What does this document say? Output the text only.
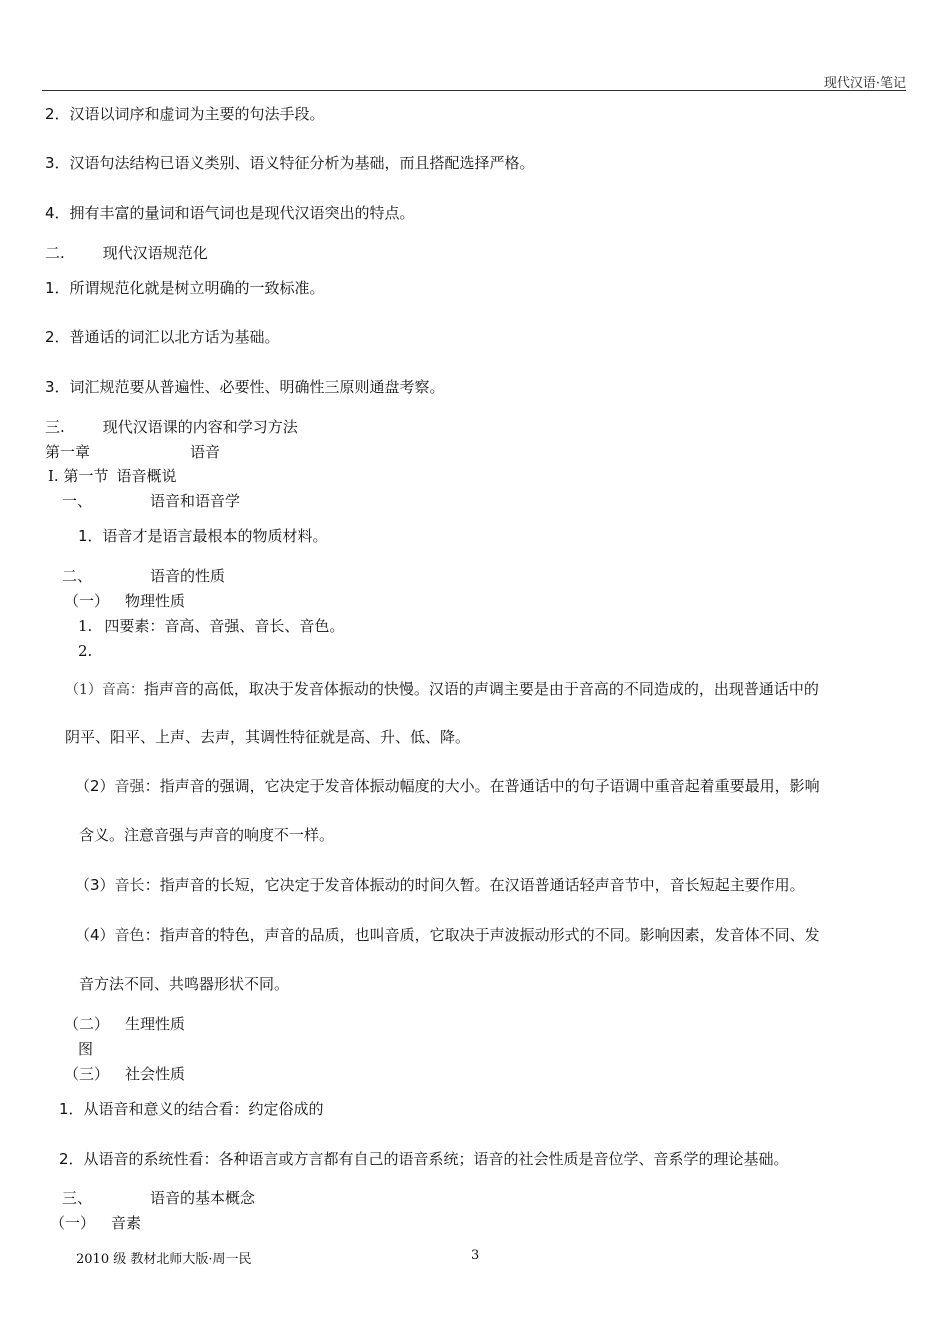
现代汉语·笔记
2．汉语以词序和虚词为主要的句法手段。
3．汉语句法结构已语义类别、语义特征分析为基础，而且搭配选择严格。
4．拥有丰富的量词和语气词也是现代汉语突出的特点。
二.	现代汉语规范化
1．所谓规范化就是树立明确的一致标准。
2．普通话的词汇以北方话为基础。
3．词汇规范要从普遍性、必要性、明确性三原则通盘考察。
三.	现代汉语课的内容和学习方法
第一章	语音
Ⅰ. 第一节 语音概说
一、	语音和语音学
1．语音才是语言最根本的物质材料。
二、	语音的性质
（一） 物理性质
1. 四要素：音高、音强、音长、音色。
2.
（1）音高：指声音的高低，取决于发音体振动的快慢。汉语的声调主要是由于音高的不同造成的，出现普通话中的
阴平、阳平、上声、去声，其调性特征就是高、升、低、降。
（2）音强：指声音的强调，它决定于发音体振动幅度的大小。在普通话中的句子语调中重音起着重要最用，影响
含义。注意音强与声音的响度不一样。
（3）音长：指声音的长短，它决定于发音体振动的时间久暂。在汉语普通话轻声音节中，音长短起主要作用。
（4）音色：指声音的特色，声音的品质，也叫音质，它取决于声波振动形式的不同。影响因素，发音体不同、发
音方法不同、共鸣器形状不同。
（二） 生理性质
图
（三） 社会性质
1．从语音和意义的结合看：约定俗成的
2．从语音的系统性看：各种语言或方言都有自己的语音系统；语音的社会性质是音位学、音系学的理论基础。
三、	语音的基本概念
（一） 音素
2010 级 教材北师大版·周一民	3
